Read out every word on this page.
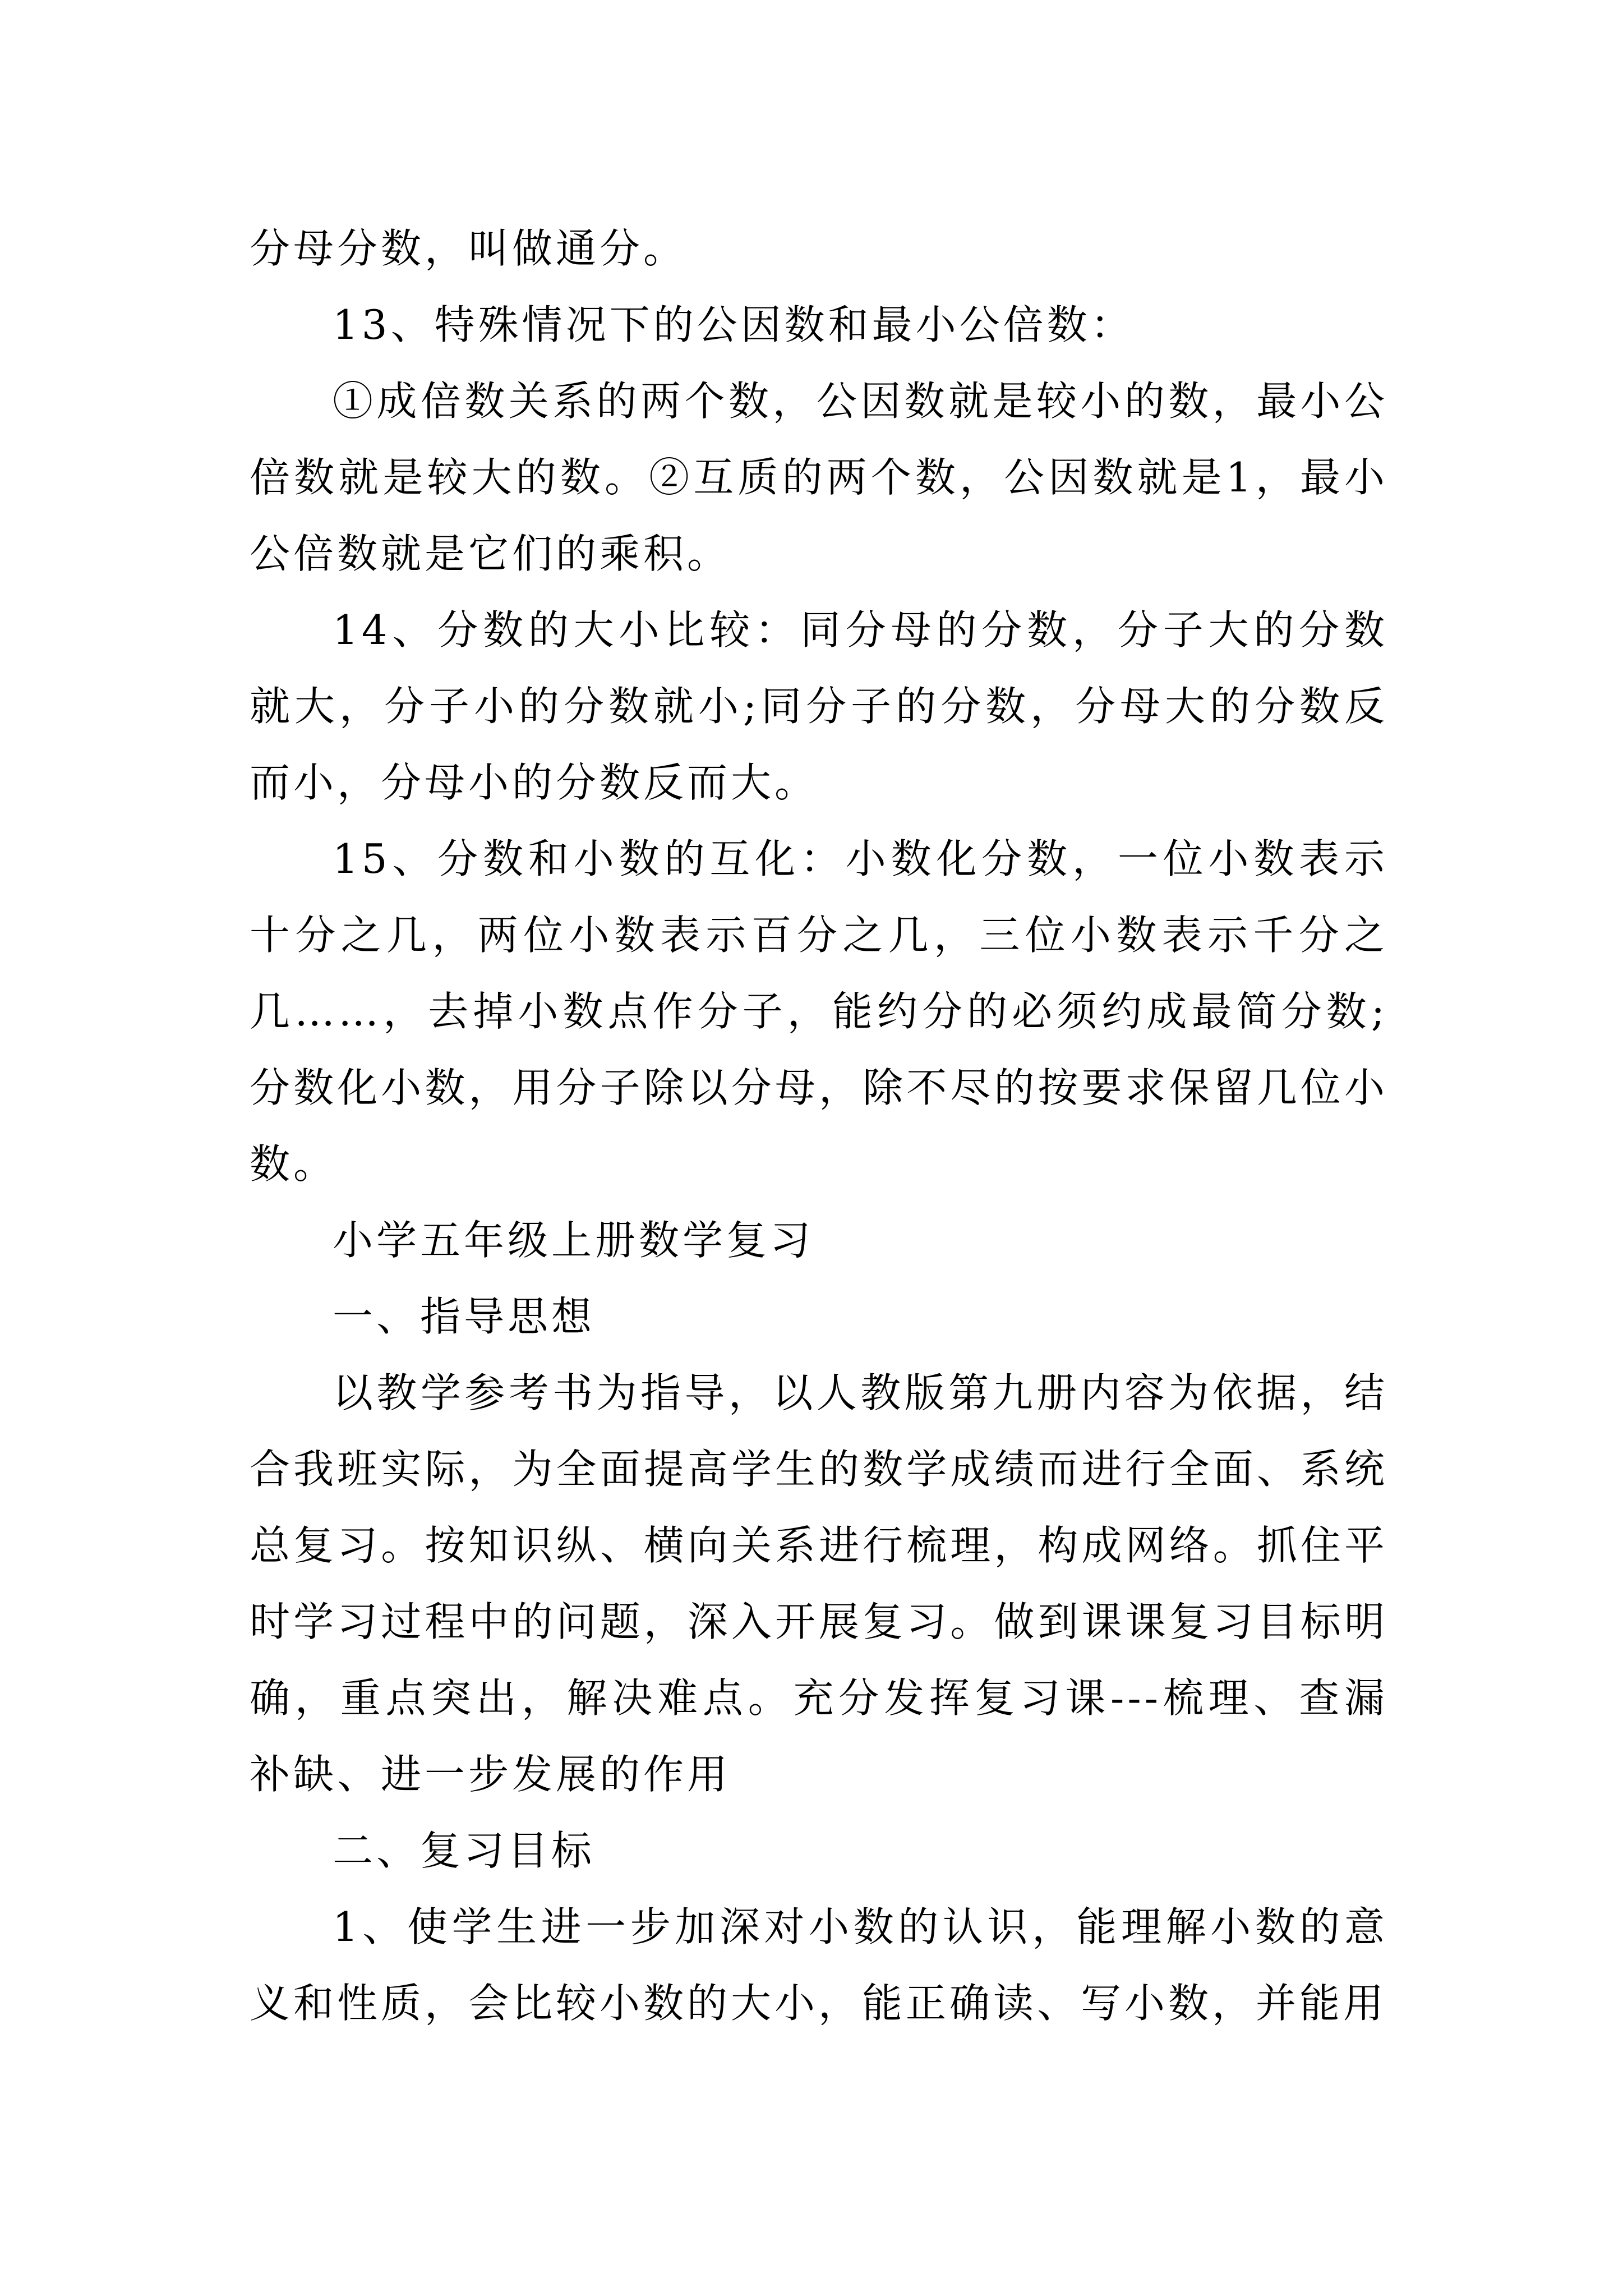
分母分数，叫做通分。

13、特殊情况下的公因数和最小公倍数：

①成倍数关系的两个数，公因数就是较小的数，最小公倍数就是较大的数。②互质的两个数，公因数就是1，最小公倍数就是它们的乘积。

14、分数的大小比较：同分母的分数，分子大的分数就大，分子小的分数就小;同分子的分数，分母大的分数反而小，分母小的分数反而大。

15、分数和小数的互化：小数化分数，一位小数表示十分之几，两位小数表示百分之几，三位小数表示千分之几……，去掉小数点作分子，能约分的必须约成最简分数;分数化小数，用分子除以分母，除不尽的按要求保留几位小数。

小学五年级上册数学复习

一、指导思想

以教学参考书为指导，以人教版第九册内容为依据，结合我班实际，为全面提高学生的数学成绩而进行全面、系统总复习。按知识纵、横向关系进行梳理，构成网络。抓住平时学习过程中的问题，深入开展复习。做到课课复习目标明确，重点突出，解决难点。充分发挥复习课---梳理、查漏补缺、进一步发展的作用

二、复习目标

1、使学生进一步加深对小数的认识，能理解小数的意义和性质，会比较小数的大小，能正确读、写小数，并能用
